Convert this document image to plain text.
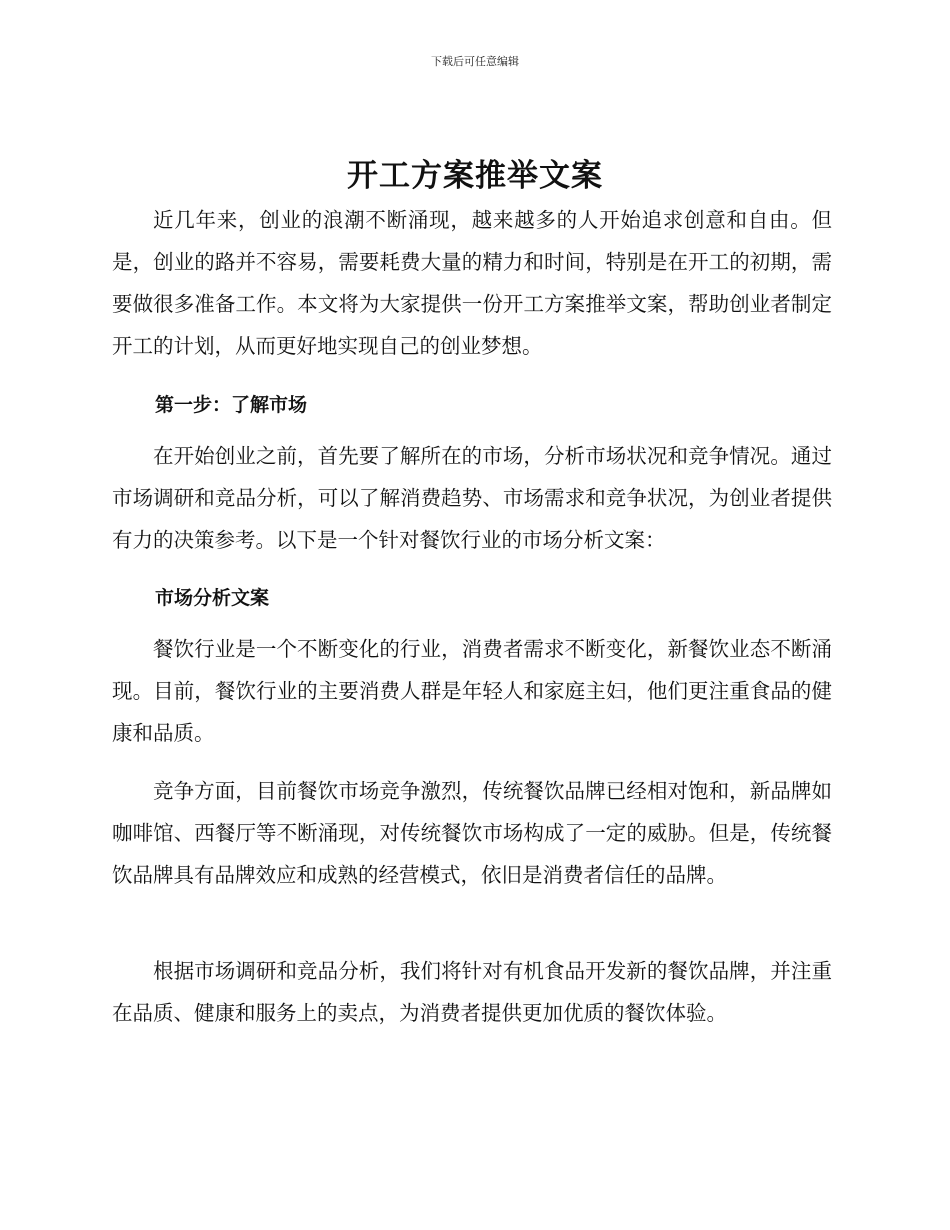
下载后可任意编辑
开工方案推举文案

近几年来，创业的浪潮不断涌现，越来越多的人开始追求创意和自由。但是，创业的路并不容易，需要耗费大量的精力和时间，特别是在开工的初期，需要做很多准备工作。本文将为大家提供一份开工方案推举文案，帮助创业者制定开工的计划，从而更好地实现自己的创业梦想。

第一步：了解市场

在开始创业之前，首先要了解所在的市场，分析市场状况和竞争情况。通过市场调研和竞品分析，可以了解消费趋势、市场需求和竞争状况，为创业者提供有力的决策参考。以下是一个针对餐饮行业的市场分析文案：

市场分析文案

餐饮行业是一个不断变化的行业，消费者需求不断变化，新餐饮业态不断涌现。目前，餐饮行业的主要消费人群是年轻人和家庭主妇，他们更注重食品的健康和品质。

竞争方面，目前餐饮市场竞争激烈，传统餐饮品牌已经相对饱和，新品牌如咖啡馆、西餐厅等不断涌现，对传统餐饮市场构成了一定的威胁。但是，传统餐饮品牌具有品牌效应和成熟的经营模式，依旧是消费者信任的品牌。

根据市场调研和竞品分析，我们将针对有机食品开发新的餐饮品牌，并注重在品质、健康和服务上的卖点，为消费者提供更加优质的餐饮体验。
